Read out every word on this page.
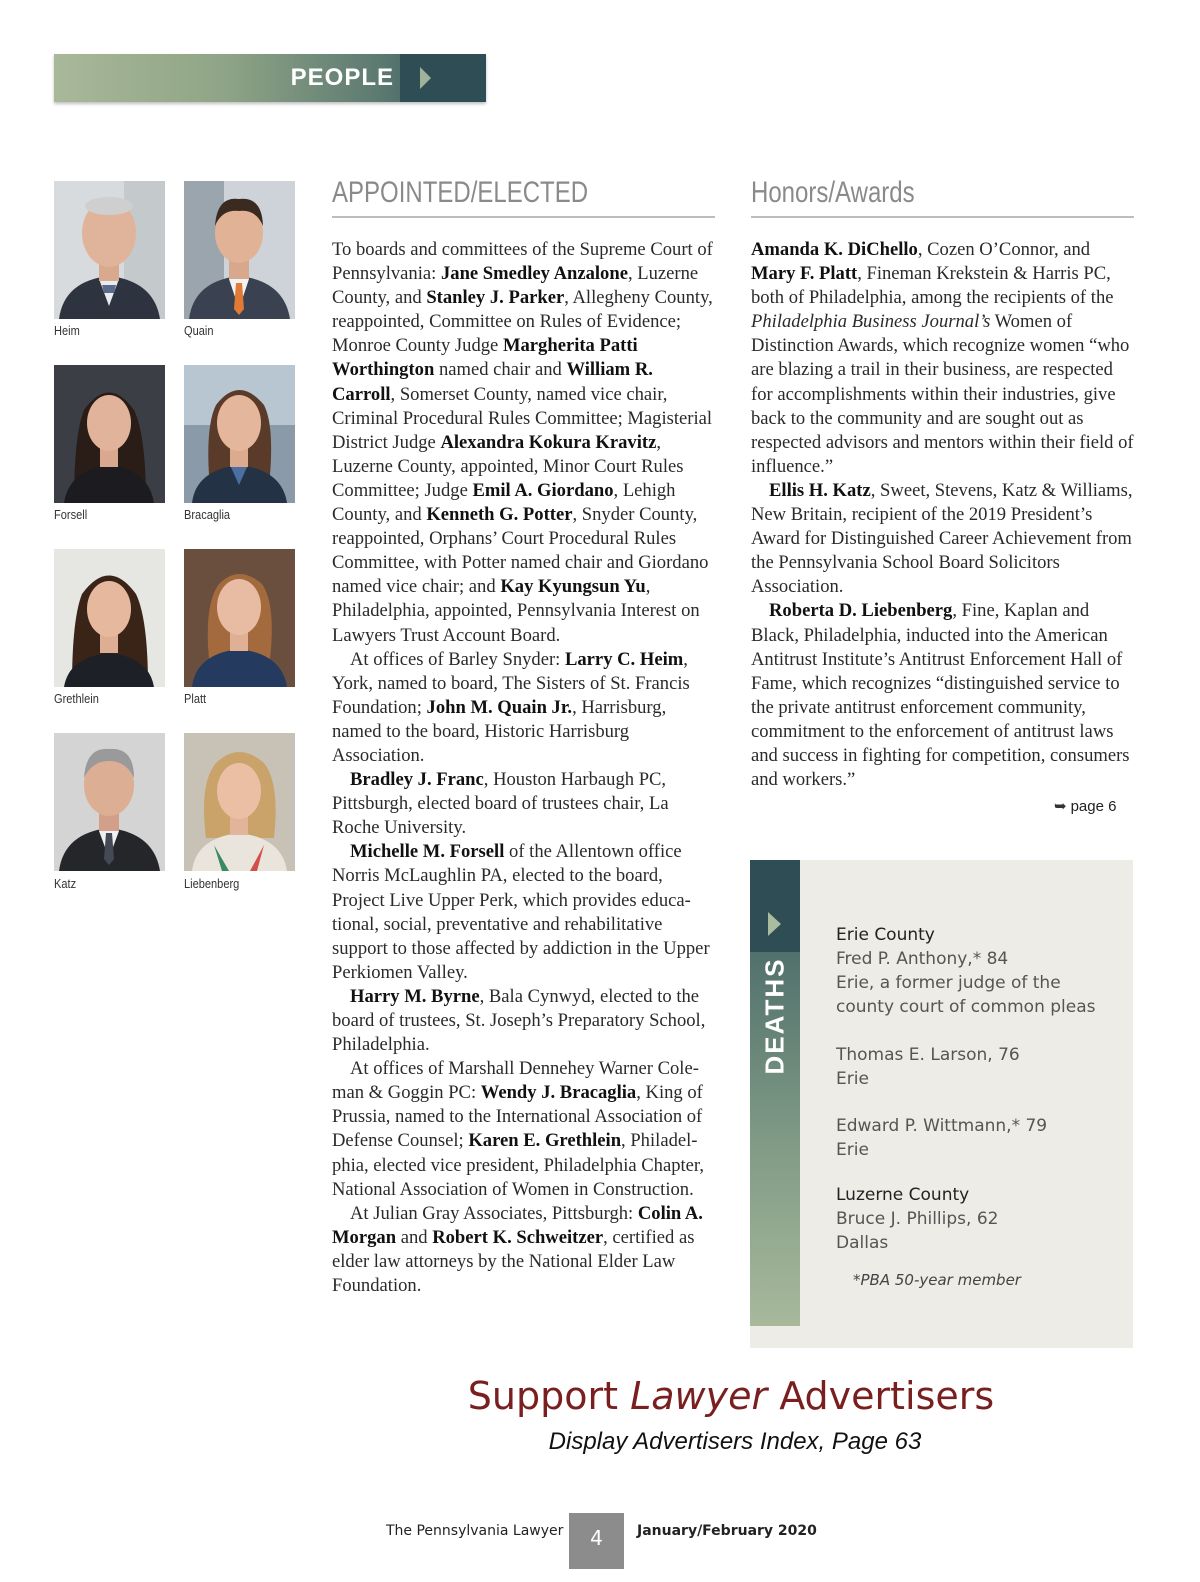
PEOPLE
Heim	Quain
Forsell	Bracaglia
Grethlein	Platt
Katz	Liebenberg
APPOINTED/ELECTED

To boards and committees of the Supreme Court of Pennsylvania: Jane Smedley Anzalone, Luzerne County, and Stanley J. Parker, Allegheny County, reappointed, Committee on Rules of Evidence; Monroe County Judge Margherita Patti Worthington named chair and William R. Carroll, Somerset County, named vice chair, Criminal Procedural Rules Committee; Magisterial District Judge Alexandra Kokura Kravitz, Luzerne County, appointed, Minor Court Rules Committee; Judge Emil A. Giordano, Lehigh County, and Kenneth G. Potter, Snyder County, reappointed, Orphans’ Court Procedural Rules Committee, with Potter named chair and Giordano named vice chair; and Kay Kyungsun Yu, Philadelphia, appointed, Pennsylvania Interest on Lawyers Trust Account Board.

At offices of Barley Snyder: Larry C. Heim, York, named to board, The Sisters of St. Francis Foundation; John M. Quain Jr., Harrisburg, named to the board, Historic Harrisburg Association.

Bradley J. Franc, Houston Harbaugh PC, Pittsburgh, elected board of trustees chair, La Roche University.

Michelle M. Forsell of the Allentown office Norris McLaughlin PA, elected to the board, Project Live Upper Perk, which provides educational, social, preventative and rehabilitative support to those affected by addiction in the Upper Perkiomen Valley.

Harry M. Byrne, Bala Cynwyd, elected to the board of trustees, St. Joseph’s Preparatory School, Philadelphia.

At offices of Marshall Dennehey Warner Coleman & Goggin PC: Wendy J. Bracaglia, King of Prussia, named to the International Association of Defense Counsel; Karen E. Grethlein, Philadelphia, elected vice president, Philadelphia Chapter, National Association of Women in Construction.

At Julian Gray Associates, Pittsburgh: Colin A. Morgan and Robert K. Schweitzer, certified as elder law attorneys by the National Elder Law Foundation.

Honors/Awards

Amanda K. DiChello, Cozen O’Connor, and Mary F. Platt, Fineman Krekstein & Harris PC, both of Philadelphia, among the recipients of the Philadelphia Business Journal’s Women of Distinction Awards, which recognize women “who are blazing a trail in their business, are respected for accomplishments within their industries, give back to the community and are sought out as respected advisors and mentors within their field of influence.”

Ellis H. Katz, Sweet, Stevens, Katz & Williams, New Britain, recipient of the 2019 President’s Award for Distinguished Career Achievement from the Pennsylvania School Board Solicitors Association.

Roberta D. Liebenberg, Fine, Kaplan and Black, Philadelphia, inducted into the American Antitrust Institute’s Antitrust Enforcement Hall of Fame, which recognizes “distinguished service to the private antitrust enforcement community, commitment to the enforcement of antitrust laws and success in fighting for competition, consumers and workers.”

➥ page 6
Erie County
Fred P. Anthony,* 84
Erie, a former judge of the
county court of common pleas
Thomas E. Larson, 76
Erie
Edward P. Wittmann,* 79
Erie
Luzerne County
Bruce J. Phillips, 62
Dallas
*PBA 50-year member
Support Lawyer Advertisers
Display Advertisers Index, Page 63
The Pennsylvania Lawyer	4	January/February 2020
